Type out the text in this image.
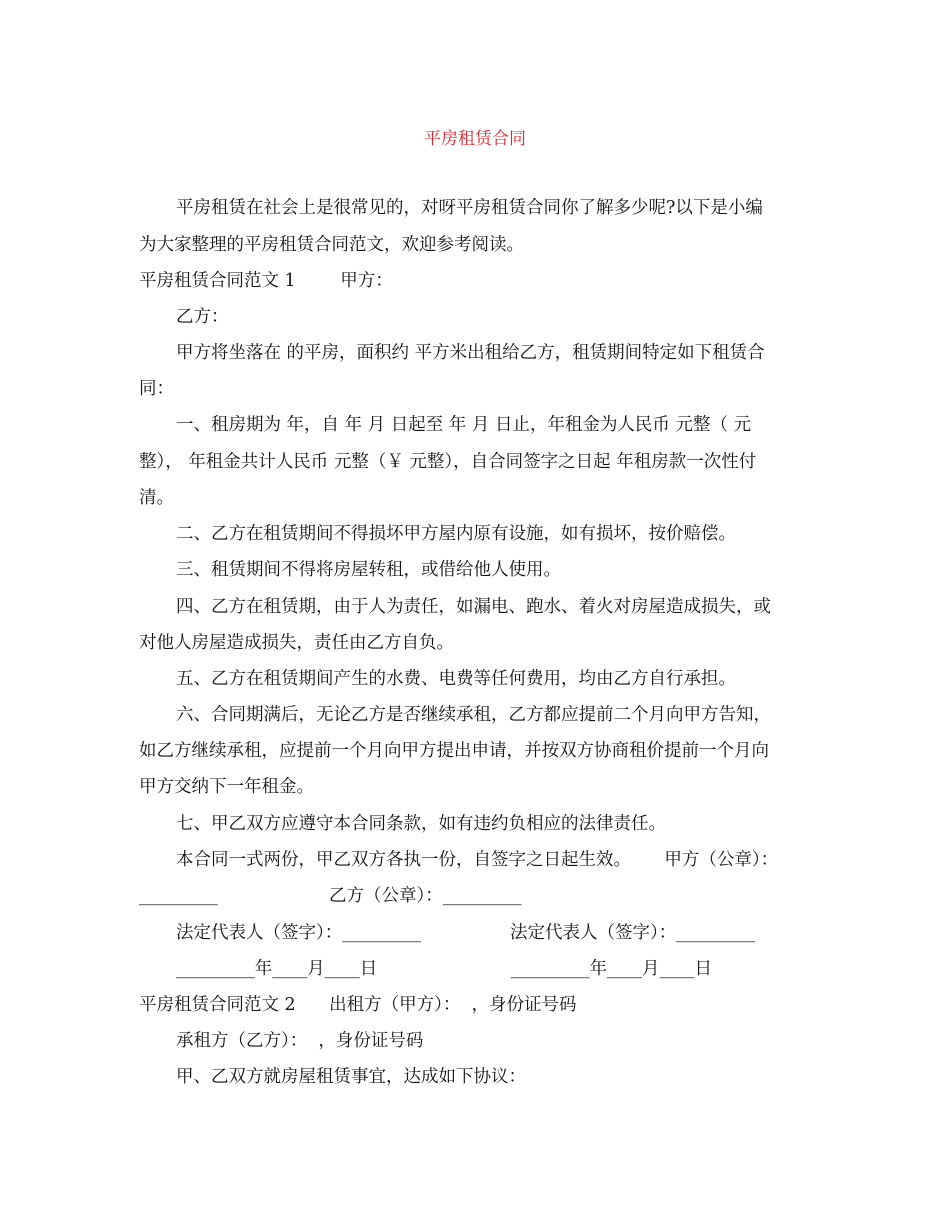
平房租赁合同
平房租赁在社会上是很常见的，对呀平房租赁合同你了解多少呢?以下是小编
为大家整理的平房租赁合同范文，欢迎参考阅读。
平房租赁合同范文 1        甲方：
乙方：
甲方将坐落在 的平房，面积约 平方米出租给乙方，租赁期间特定如下租赁合
同：
一、租房期为 年，自 年 月 日起至 年 月 日止，年租金为人民币 元整（ 元
整）， 年租金共计人民币 元整（￥ 元整），自合同签字之日起 年租房款一次性付
清。
二、乙方在租赁期间不得损坏甲方屋内原有设施，如有损坏，按价赔偿。
三、租赁期间不得将房屋转租，或借给他人使用。
四、乙方在租赁期，由于人为责任，如漏电、跑水、着火对房屋造成损失，或
对他人房屋造成损失，责任由乙方自负。
五、乙方在租赁期间产生的水费、电费等任何费用，均由乙方自行承担。
六、合同期满后，无论乙方是否继续承租，乙方都应提前二个月向甲方告知，
如乙方继续承租，应提前一个月向甲方提出申请，并按双方协商租价提前一个月向
甲方交纳下一年租金。
七、甲乙双方应遵守本合同条款，如有违约负相应的法律责任。
本合同一式两份，甲乙双方各执一份，自签字之日起生效。      甲方（公章）：
_________                    乙方（公章）：_________
法定代表人（签字）：_________                法定代表人（签字）：_________
_________年____月____日                        _________年____月____日
平房租赁合同范文 2      出租方（甲方）：  ，身份证号码
承租方（乙方）：  ，身份证号码
甲、乙双方就房屋租赁事宜，达成如下协议：
